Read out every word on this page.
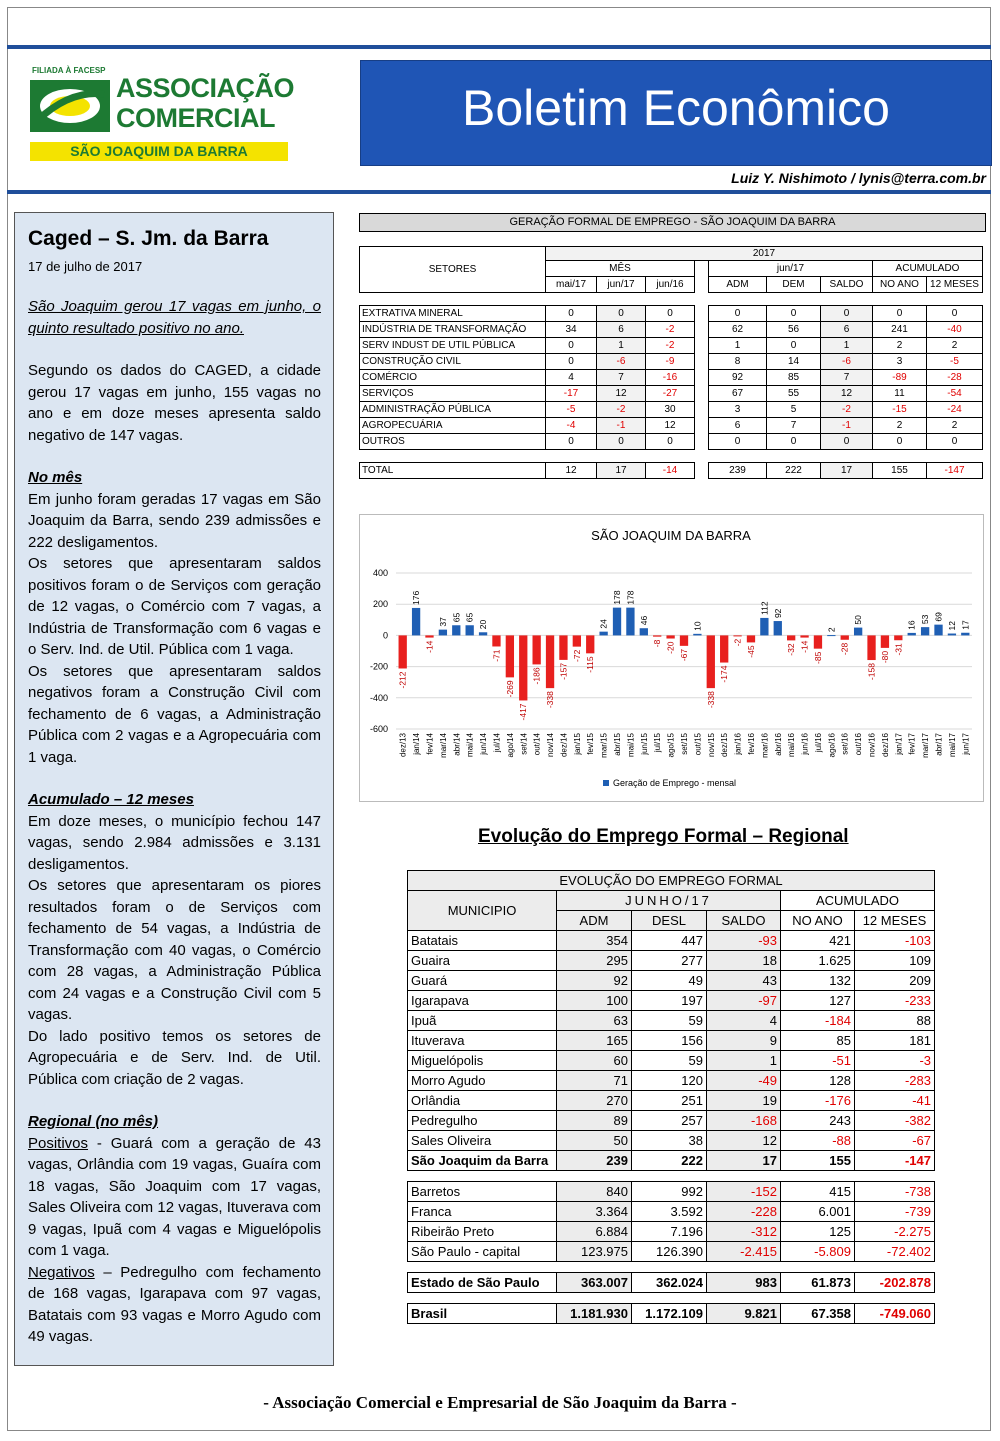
FILIADA À FACESP
ASSOCIAÇÃO
COMERCIAL
SÃO JOAQUIM DA BARRA
Boletim Econômico
Luiz Y. Nishimoto / lynis@terra.com.br
Caged – S. Jm. da Barra
17 de julho de 2017

São Joaquim gerou 17 vagas em junho, o quinto resultado positivo no ano.

Segundo os dados do CAGED, a cidade gerou 17 vagas em junho, 155 vagas no ano e em doze meses apresenta saldo negativo de 147 vagas.

No mês

Em junho foram geradas 17 vagas em São Joaquim da Barra, sendo 239 admissões e 222 desligamentos.

Os setores que apresentaram saldos positivos foram o de Serviços com geração de 12 vagas, o Comércio com 7 vagas, a Indústria de Transformação com 6 vagas e o Serv. Ind. de Util. Pública com 1 vaga.

Os setores que apresentaram saldos negativos foram a Construção Civil com fechamento de 6 vagas, a Administração Pública com 2 vagas e a Agropecuária com 1 vaga.

Acumulado – 12 meses

Em doze meses, o município fechou 147 vagas, sendo 2.984 admissões e 3.131 desligamentos.

Os setores que apresentaram os piores resultados foram o de Serviços com fechamento de 54 vagas, a Indústria de Transformação com 40 vagas, o Comércio com 28 vagas, a Administração Pública com 24 vagas e a Construção Civil com 5 vagas.

Do lado positivo temos os setores de Agropecuária e de Serv. Ind. de Util. Pública com criação de 2 vagas.

Regional (no mês)

Positivos - Guará com a geração de 43 vagas, Orlândia com 19 vagas, Guaíra com 18 vagas, São Joaquim com 17 vagas, Sales Oliveira com 12 vagas, Ituverava com 9 vagas, Ipuã com 4 vagas e Miguelópolis com 1 vaga.

Negativos – Pedregulho com fechamento de 168 vagas, Igarapava com 97 vagas, Batatais com 93 vagas e Morro Agudo com 49 vagas.

GERAÇÃO FORMAL DE EMPREGO - SÃO JOAQUIM DA BARRA
SETORES	2017								
	MÊS				jun/17			ACUMULADO	
	mai/17	jun/17	jun/16		ADM	DEM	SALDO	NO ANO	12 MESES

EXTRATIVA MINERAL	0	0	0		0	0	0	0	0
INDÚSTRIA DE TRANSFORMAÇÃO	34	6	-2		62	56	6	241	-40
SERV INDUST DE UTIL PÚBLICA	0	1	-2		1	0	1	2	2
CONSTRUÇÃO CIVIL	0	-6	-9		8	14	-6	3	-5
COMÉRCIO	4	7	-16		92	85	7	-89	-28
SERVIÇOS	-17	12	-27		67	55	12	11	-54
ADMINISTRAÇÃO PÚBLICA	-5	-2	30		3	5	-2	-15	-24
AGROPECUÁRIA	-4	-1	12		6	7	-1	2	2
OUTROS	0	0	0		0	0	0	0	0

TOTAL	12	17	-14		239	222	17	155	-147
SÃO JOAQUIM DA BARRA
400
200
0
-200
-400
-600
-212
dez/13
176
jan/14
-14
fev/14
37
mar/14
65
abr/14
65
mai/14
20
jun/14
-71
jul/14
-269
ago/14
-417
set/14
-186
out/14
-338
nov/14
-157
dez/14
-72
jan/15
-115
fev/15
24
mar/15
178
abr/15
178
mai/15
46
jun/15
-8
jul/15
-20
ago/15
-67
set/15
10
out/15
-338
nov/15
-174
dez/15
-2
jan/16
-45
fev/16
112
mar/16
92
abr/16
-32
mai/16
-14
jun/16
-85
jul/16
2
ago/16
-28
set/16
50
out/16
-158
nov/16
-80
dez/16
-31
jan/17
16
fev/17
53
mar/17
69
abr/17
12
mai/17
17
jun/17
Geração de Emprego - mensal
Evolução do Emprego Formal – Regional
EVOLUÇÃO DO EMPREGO FORMAL					
MUNICIPIO	JUNHO/17			ACUMULADO	
	ADM	DESL	SALDO	NO ANO	12 MESES
Batatais	354	447	-93	421	-103
Guaira	295	277	18	1.625	109
Guará	92	49	43	132	209
Igarapava	100	197	-97	127	-233
Ipuã	63	59	4	-184	88
Ituverava	165	156	9	85	181
Miguelópolis	60	59	1	-51	-3
Morro Agudo	71	120	-49	128	-283
Orlândia	270	251	19	-176	-41
Pedregulho	89	257	-168	243	-382
Sales Oliveira	50	38	12	-88	-67
São Joaquim da Barra	239	222	17	155	-147

Barretos	840	992	-152	415	-738
Franca	3.364	3.592	-228	6.001	-739
Ribeirão Preto	6.884	7.196	-312	125	-2.275
São Paulo - capital	123.975	126.390	-2.415	-5.809	-72.402

Estado de São Paulo	363.007	362.024	983	61.873	-202.878

Brasil	1.181.930	1.172.109	9.821	67.358	-749.060
- Associação Comercial e Empresarial de São Joaquim da Barra -
